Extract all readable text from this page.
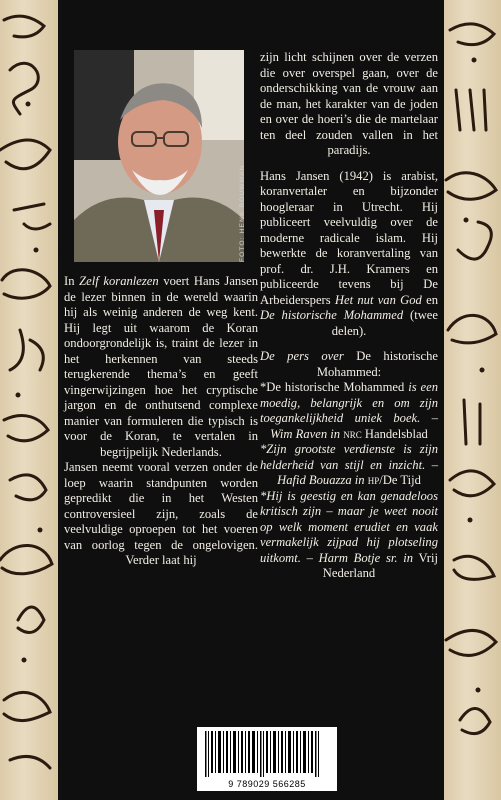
FOTO: HENK BOUWMAN

In Zelf koranlezen voert Hans Jansen de lezer binnen in de wereld waarin hij als weinig anderen de weg kent. Hij legt uit waarom de Koran ondoorgrondelijk is, traint de lezer in het herkennen van steeds terugkerende thema’s en geeft vingerwijzingen hoe het cryptische jargon en de onthutsend complexe manier van formuleren die typisch is voor de Koran, te vertalen in begrijpelijk Nederlands.

Jansen neemt vooral verzen onder de loep waarin standpunten worden gepredikt die in het Westen controversieel zijn, zoals de veelvuldige oproepen tot het voeren van oorlog tegen de ongelovigen. Verder laat hij

zijn licht schijnen over de verzen die over overspel gaan, over de onderschikking van de vrouw aan de man, het karakter van de joden en over de hoeri’s die de martelaar ten deel zouden vallen in het paradijs.

Hans Jansen (1942) is arabist, koranvertaler en bijzonder hoogleraar in Utrecht. Hij publiceert veelvuldig over de moderne radicale islam. Hij bewerkte de koranvertaling van prof. dr. J.H. Kramers en publiceerde tevens bij De Arbeiderspers Het nut van God en De historische Mohammed (twee delen).

De pers over De historische Mohammed:

*De historische Mohammed is een moedig, belangrijk en om zijn toegankelijkheid uniek boek. – Wim Raven in nrc Handelsblad

*Zijn grootste verdienste is zijn helderheid van stijl en inzicht. – Hafid Bouazza in hp/De Tijd

*Hij is geestig en kan genadeloos kritisch zijn – maar je weet nooit op welk moment erudiet en vaak vermakelijk zijpad hij plotseling uitkomt. – Harm Botje sr. in Vrij Nederland

9 789029 566285
